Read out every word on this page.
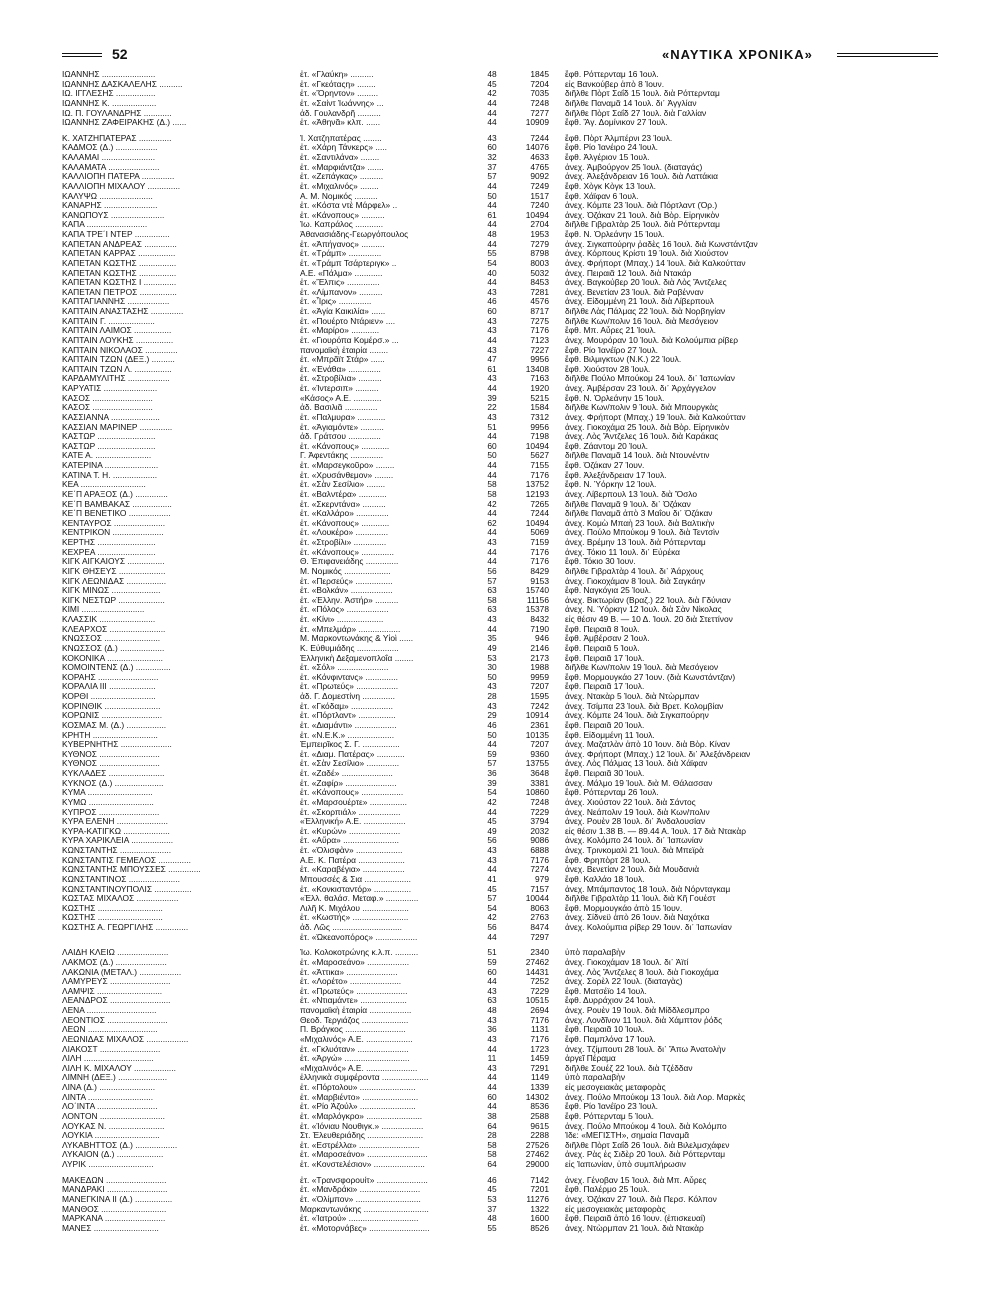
52	«ΝΑΥΤΙΚΑ ΧΡΟΝΙΚΑ»
ΙΩΑΝΝΗΣ .......................	ἐτ. «Γλαύκη» ..........	48	1845	ἔφθ. Ρόττερνταμ 16 Ἰουλ.
ΙΩΑΝΝΗΣ ΔΑΣΚΑΛΕΛΗΣ ..........	ἐτ. «Γκεόταςη» ........	45	7204	εἰς Βανκούβερ ἀπὸ 8 Ἰουν.
ΙΩ. ΙΓΓΛΕΣΗΣ .................	ἐτ. «Ὄρηντον» .........	42	7035	διῆλθε Πὸρτ Σαΐδ 15 Ἰουλ. διὰ Ρόττερνταμ
ΙΩΑΝΝΗΣ Κ. ...................	ἐτ. «Σαίντ Ἰωάννης» ...	44	7248	διῆλθε Παναμᾶ 14 Ἰουλ. δι᾽ Ἀγγλίαν
ΙΩ. Π. ΓΟΥΛΑΝΔΡΗΣ ............	ἀδ. Γουλανδρῆ ..........	44	7277	διῆλθε Πὸρτ Σαΐδ 27 Ἰουλ. διὰ Γαλλίαν
ΙΩΑΝΝΗΣ ΖΑΦΕΙΡΑΚΗΣ (Δ.) ......	ἐτ. «Ἀθηνᾶ» κλπ. ......	44	10909	ἔφθ. Ἅγ. Δομίνικον 27 Ἰουλ.
Κ. ΧΑΤΖΗΠΑΤΕΡΑΣ ..............	Ἰ. Χατζηπατέρας ........	43	7244	ἔφθ. Πὸρτ Ἀλμπέρνι 23 Ἰουλ.
ΚΑΔΜΟΣ (Δ.) ..................	ἐτ. «Χάρη Τάνκερς» .....	60	14076	ἔφθ. Ρίο Ἰανέιρο 24 Ἰουλ.
ΚΑΛΑΜΑΙ .......................	ἐτ. «Σαντιλάνα» ........	32	4633	ἔφθ. Ἀλγέριον 15 Ἰουλ.
ΚΑΛΑΜΑΤΑ ......................	ἐτ. «Μαρφιάντζα» .......	37	4765	ἀνεχ. Ἀμβούργον 25 Ἰουλ. (διαταγάς)
ΚΑΛΛΙΟΠΗ ΠΑΤΕΡΑ ..............	ἐτ. «Ζεπάγκας» ..........	57	9092	ἀνεχ. Ἀλεξάνδρειαν 16 Ἰουλ. διὰ Λαττάκια
ΚΑΛΛΙΟΠΗ ΜΙΧΑΛΟΥ ..............	ἐτ. «Μιχαλινός» ........	44	7249	ἔφθ. Χὸγκ Κὸγκ 13 Ἰουλ.
ΚΑΛΥΨΩ .......................	Α. Μ. Νομικός ..........	50	1517	ἔφθ. Χάϊφαν 6 Ἰουλ.
ΚΑΝΑΡΗΣ .......................	ἐτ. «Κόστα ντὲ Μάρφελ» ..	44	7240	ἀνεχ. Κόμπε 23 Ἰουλ. διὰ Πόρτλαντ (Ὀρ.)
ΚΑΝΩΠΟΥΣ .......................	ἐτ. «Κάνοπους» ..........	61	10494	ἀνεχ. Ὀζάκαν 21 Ἰουλ. διὰ Βὸρ. Εἰρηνικὸν
ΚΑΠΑ ..........................	Ἰω. Καπράλος ............	44	2704	διῆλθε Γιβραλτὰρ 25 Ἰουλ. διὰ Ρόττερνταμ
ΚΑΠΑ ΤΡΕ΄Ι ΝΤΕΡ ...............	Ἀθανασιάδης-Γεωργόπουλος	48	1953	ἔφθ. Ν. Ὀρλεάνην 15 Ἰουλ.
ΚΑΠΕΤΑΝ ΑΝΔΡΕΑΣ ..............	ἐτ. «Ἀπήγανος» ..........	44	7279	ἀνεχ. Σιγκαπούρην ῥαδὲς 16 Ἰουλ. διὰ Κωνστάντζαν
ΚΑΠΕΤΑΝ ΚΑΡΡΑΣ ................	ἐτ. «Τράμπ» ..............	55	8798	ἀνεχ. Κόρπους Κρίστι 19 Ἰουλ. διὰ Χιούστον
ΚΑΠΕΤΑΝ ΚΩΣΤΗΣ ................	ἐτ. «Τράμπ Τσάρτεριγκ» ..	54	8003	ἀνεχ. Φρήπορτ (Μπαχ.) 14 Ἰουλ. διὰ Καλκούτταν
ΚΑΠΕΤΑΝ ΚΩΣΤΗΣ ................	Α.Ε. «Πάλμα» ............	40	5032	ἀνεχ. Πειραιᾶ 12 Ἰουλ. διὰ Ντακάρ
ΚΑΠΕΤΑΝ ΚΩΣΤΗΣ Ι ..............	ἐτ. «Ἔλπις» ..............	44	8453	ἀνεχ. Βαγκούβερ 20 Ἰουλ. διὰ Λὸς Ἄντζελες
ΚΑΠΕΤΑΝ ΠΕΤΡΟΣ ................	ἐτ. «Λίμπανον» ..........	43	7281	ἀνεχ. Βενετίαν 23 Ἰουλ. διὰ Ραβένναν
ΚΑΠΤΑΓΙΑΝΝΗΣ ..................	ἐτ. «Ἶρις» ..............	46	4576	ἀνεχ. Εἰδομμένη 21 Ἰουλ. διὰ Λίβερπουλ
ΚΑΠΤΑΙΝ ΑΝΑΣΤΑΣΗΣ ..............	ἐτ. «Ἁγία Καικιλία» ......	60	8717	διῆλθε Λὰς Πάλμας 22 Ἰουλ. διὰ Νορβηγίαν
ΚΑΠΤΑΙΝ Γ. ....................	ἐτ. «Πουέρτο Ντάριεν» ....	43	7275	διῆλθε Κων/πολιν 16 Ἰουλ. διὰ Μεσόγειον
ΚΑΠΤΑΙΝ ΛΑΙΜΟΣ ................	ἐτ. «Μαρίρο» ............	43	7176	ἔφθ. Μπ. Αὖρες 21 Ἰουλ.
ΚΑΠΤΑΙΝ ΛΟΥΚΗΣ ................	ἐτ. «Γιουρόπα Κομέρσ.» ...	44	7123	ἀνεχ. Μουρόραν 10 Ἰουλ. διὰ Κολούμπια ρίβερ
ΚΑΠΤΑΙΝ ΝΙΚΟΛΑΟΣ ..............	πανομαϊκὴ ἑταιρία ........	43	7227	ἔφθ. Ρίο Ἰανέϊρο 27 Ἰουλ.
ΚΑΠΤΑΙΝ ΤΖΩΝ (ΔΕΞ.) ..........	ἐτ. «Μπρᾶϊτ Στάρ» ......	47	9956	ἔφθ. Βιλμιγκτων (Ν.Κ.) 22 Ἰουλ.
ΚΑΠΤΑΙΝ ΤΖΩΝ Λ. ................	ἐτ. «Ἐνάθα» ..............	61	13408	ἔφθ. Χιούστον 28 Ἰουλ.
ΚΑΡΔΑΜΥΛΙΤΗΣ ..................	ἐτ. «Στροβίλια» ..........	43	7163	διῆλθε Πούλο Μπούκομ 24 Ἰουλ. δι᾽ Ἰαπωνίαν
ΚΑΡΥΑΤΙΣ .......................	ἐτ. «Ἰντερσιπ» ..........	44	1920	ἀνεχ. Ἀμβέρσαν 23 Ἰουλ. δι᾽ Ἀρχάγγελον
ΚΑΣΟΣ ..........................	«Κάσος» Α.Ε. ............	39	5215	ἔφθ. Ν. Ὀρλεάνην 15 Ἰουλ.
ΚΑΣΟΣ ..........................	ἀδ. Βασιλιᾶ ..............	22	1584	διῆλθε Κων/πολιν 9 Ἰουλ. διὰ Μπουργκὰς
ΚΑΣΣΙΑΝΝΑ .....................	ἐτ. «Παλμυρα» ............	43	7312	ἀνεχ. Φρήπορτ (Μπαχ.) 19 Ἰουλ. διὰ Καλκούτταν
ΚΑΣΣΙΑΝ ΜΑΡΙΝΕΡ ..............	ἐτ. «Ἀγιαμόντε» ..........	51	9956	ἀνεχ. Γιοκοχάμα 25 Ἰουλ. διὰ Βὸρ. Εἰρηνικὸν
ΚΑΣΤΩΡ .........................	ἀδ. Γράτσου ..............	44	7198	ἀνεχ. Λὸς Ἄντζελες 16 Ἰουλ. διὰ Καράκας
ΚΑΣΤΩΡ .........................	ἐτ. «Κάνοπους» ............	60	10494	ἔφθ. Ζάαντομ 20 Ἰουλ.
ΚΑΤΕ Α. ........................	Γ. Ἀφεντάκης ..............	50	5627	διῆλθε Παναμᾶ 14 Ἰουλ. διὰ Ντουνέντιν
ΚΑΤΕΡΙΝΑ .......................	ἐτ. «Μαρσεγκοῦρο» ........	44	7155	ἔφθ. Ὀζάκαν 27 Ἰουν.
ΚΑΤΙΝΑ Τ. Η. ...................	ἐτ. «Χρυσάνθεμον» ........	44	7176	ἔφθ. Ἀλεξάνδρειαν 17 Ἰουλ.
ΚΕΑ ............................	ἐτ. «Σὰν Σεσίλιο» ........	58	13752	ἔφθ. Ν. Ὑόρκην 12 Ἰουλ.
ΚΕ΄Π ΑΡΑΞΟΣ (Δ.) ..............	ἐτ. «Βαλντέρα» ............	58	12193	ἀνεχ. Λίβερπουλ 13 Ἰουλ. διὰ Ὄσλο
ΚΕ΄Π ΒΑΜΒΑΚΑΣ .................	ἐτ. «Σκερντάνα» ..........	42	7265	διῆλθε Παναμᾶ 9 Ἰουλ. δι᾽ Ὀζάκαν
ΚΕ΄Π ΒΕΝΕΤΙΚΟ ..................	ἐτ. «Καλλάρο» ..............	44	7244	διῆλθε Παναμᾶ ἀπὸ 3 Μαΐου δι᾽ Ὀζάκαν
ΚΕΝΤΑΥΡΟΣ ......................	ἐτ. «Κάνοπους» ............	62	10494	ἀνεχ. Κομὼ Μπαὴ 23 Ἰουλ. διὰ Βαλτικὴν
ΚΕΝΤΡΙΚΟΝ ......................	ἐτ. «Λουκέρο» ..............	44	5069	ἀνεχ. Πούλο Μπούκομ 9 Ἰουλ. διὰ Τεντσὶν
ΚΕΡΤΗΣ .........................	ἐτ. «Στροβίλι» ..............	43	7159	ἀνεχ. Βρέμην 13 Ἰουλ. διὰ Ρόττερνταμ
ΚΕΧΡΕΑ .........................	ἐτ. «Κάνοπους» ..............	44	7176	ἀνεχ. Τόκιο 11 Ἰουλ. δι᾽ Εὐρέκα
ΚΙΓΚ ΑΙΓΚΑΙΟΥΣ ................	Θ. Ἐπιφανειάδης ..............	44	7176	ἔφθ. Τόκιο 30 Ἰουν.
ΚΙΓΚ ΘΗΣΕΥΣ ....................	Μ. Νομικός ....................	56	8429	διῆλθε Γιβραλτὰρ 4 Ἰουλ. δι᾽ Ἀάρχους
ΚΙΓΚ ΛΕΩΝΙΔΑΣ .................	ἐτ. «Περσεύς» ................	57	9153	ἀνεχ. Γιοκοχάμαν 8 Ἰουλ. διὰ Σαγκάην
ΚΙΓΚ ΜΙΝΩΣ .....................	ἐτ. «Βολκάν» ..................	63	15740	ἔφθ. Ναγκόγια 25 Ἰουλ.
ΚΙΓΚ ΝΕΣΤΩΡ ....................	ἐτ. «Ἑλλην. Ἀστήρ» ..........	58	11156	ἀνεχ. Βικτωρίαν (Βραζ.) 22 Ἰουλ. διὰ Γδύνιαν
ΚΙΜΙ ...........................	ἐτ. «Πόλος» ..................	63	15378	ἀνεχ. Ν. Ὑόρκην 12 Ἰουλ. διὰ Σὰν Νίκολας
ΚΛΑΣΣΙΚ ........................	ἐτ. «Κίνι» ....................	43	8432	εἰς θέσιν 49 Β. — 10 Δ. Ἰουλ. 20 διὰ Στεττίνον
ΚΛΕΑΡΧΟΣ ........................	ἐτ. «Μπελμάρ» ..................	44	7190	ἔφθ. Πειραιᾶ 8 Ἰουλ.
ΚΝΩΣΣΟΣ ........................	Μ. Μαρκοντωνάκης & Υἱοὶ ......	35	946	ἔφθ. Ἀμβέρσαν 2 Ἰουλ.
ΚΝΩΣΣΟΣ (Δ.) ...................	Κ. Εὐθυμιάδης ..................	49	2146	ἔφθ. Πειραιᾶ 5 Ἰουλ.
ΚΟΚΟΝΙΚΑ ........................	Ἑλληνικὴ Δεξαμενοπλοΐα ........	53	2173	ἔφθ. Πειραιᾶ 17 Ἰουλ.
ΚΟΜΟΙΝΤΕΝΣ (Δ.) ...............	ἐτ. «Σόλ» ......................	30	1988	διῆλθε Κων/πολιν 19 Ἰουλ. διὰ Μεσόγειον
ΚΟΡΑΗΣ ..........................	ἐτ. «Κόνφιντανς» ..............	50	9959	ἔφθ. Μορμουγκάο 27 Ἰουν. (διὰ Κωνστάντζαν)
ΚΟΡΑΛΙΑ ΙΙΙ ....................	ἐτ. «Πρωτεύς» ..................	43	7207	ἔφθ. Πειραιᾶ 17 Ἰουλ.
ΚΟΡΘΙ ............................	ἀδ. Γ. Δομεστίνη ..............	28	1595	ἀνεχ. Ντακὰρ 5 Ἰουλ. διὰ Ντὼρμπαν
ΚΟΡΙΝΘΙΚ ........................	ἐτ. «Γκόδαμ» ..................	43	7242	ἀνεχ. Τσίμπα 23 Ἰουλ. διὰ Βρετ. Κολομβίαν
ΚΟΡΩΝΙΣ ..........................	ἐτ. «Πόρτλαντ» ................	29	10914	ἀνεχ. Κόμπε 24 Ἰουλ. διὰ Σιγκαπούρην
ΚΟΣΜΑΣ Μ. (Δ.) .................	ἐτ. «Διαμάντι» ..................	46	2361	ἔφθ. Πειραιᾶ 20 Ἰουλ.
ΚΡΗΤΗ ............................	ἐτ. «Ν.Ε.Κ.» ....................	50	10135	ἔφθ. Εἰδομμένη 11 Ἰουλ.
ΚΥΒΕΡΝΗΤΗΣ ......................	Ἐμπειρῖκος Σ. Γ. ................	44	7207	ἀνεχ. Μαζατλὰν ἀπὸ 10 Ἰουν. διὰ Βὸρ. Κίναν
ΚΥΘΝΟΣ ..........................	ἐτ. «Διαμ. Πατέρας» ............	59	9360	ἀνεχ. Φρήπορτ (Μπαχ.) 12 Ἰουλ. δι᾽ Ἀλεξάνδρειαν
ΚΥΘΝΟΣ ..........................	ἐτ. «Σὰν Σεσίλιο» ..............	57	13755	ἀνεχ. Λὸς Πάλμας 13 Ἰουλ. διὰ Χάϊφαν
ΚΥΚΛΑΔΕΣ ........................	ἐτ. «Ζαδέ» ......................	36	3648	ἔφθ. Πειραιᾶ 30 Ἰουλ.
ΚΥΚΝΟΣ (Δ.) .....................	ἐτ. «Ζαφίρ» ......................	39	3381	ἀνεχ. Μάλμο 19 Ἰουλ. διὰ Μ. Θάλασσαν
ΚΥΜΑ ............................	ἐτ. «Κάνοπους» ..................	54	10860	ἔφθ. Ρόττερνταμ 26 Ἰουλ.
ΚΥΜΩ ............................	ἐτ. «Μαρσουέρτε» ................	42	7248	ἀνεχ. Χιούστον 22 Ἰουλ. διὰ Σάντος
ΚΥΠΡΟΣ ..........................	ἐτ. «Σκορπιάλ» ..................	44	7229	ἀνεχ. Νεάπολιν 19 Ἰουλ. διὰ Κων/πολιν
ΚΥΡΑ ΕΛΕΝΗ ......................	«Ἑλληνική» Α.Ε. ..................	45	3794	ἀνεχ. Ρουὲν 28 Ἰουλ. δι᾽ Ἀνδαλουσίαν
ΚΥΡΑ-ΚΑΤΙΓΚΩ ....................	ἐτ. «Κυρών» ......................	49	2032	εἰς θέσιν 1.38 Β. — 89.44 Α. Ἰουλ. 17 διὰ Ντακὰρ
ΚΥΡΑ ΧΑΡΙΚΛΕΙΑ ..................	ἐτ. «Αὔρα» ........................	56	9086	ἀνεχ. Κολόμπο 24 Ἰουλ. δι᾽ Ἰαπωνίαν
ΚΩΝΣΤΑΝΤΗΣ ......................	ἐτ. «Ὀλισφὰν» ....................	43	6888	ἀνεχ. Τρινκομαλὶ 21 Ἰουλ. διὰ Μπεϊρὰ
ΚΩΝΣΤΑΝΤΙΣ ΓΕΜΕΛΟΣ ..............	Α.Ε. Κ. Πατέρα ....................	43	7176	ἔφθ. Φρηπὸρτ 28 Ἰουλ.
ΚΩΝΣΤΑΝΤΗΣ ΜΠΟΥΣΣΕΣ ..............	ἐτ. «Καραβέγια» ..................	44	7274	ἀνεχ. Βενετίαν 2 Ἰουλ. διὰ Μουδανιὰ
ΚΩΝΣΤΑΝΤΙΝΟΣ ......................	Μπουσσές & Σια ....................	41	979	ἔφθ. Καλλάο 18 Ἰουλ.
ΚΩΝΣΤΑΝΤΙΝΟΥΠΟΛΙΣ ................	ἐτ. «Κονκισταντόρ» ................	45	7157	ἀνεχ. Μπάμπαντος 18 Ἰουλ. διὰ Νόρνταγκαμ
ΚΩΣΤΑΣ ΜΙΧΑΛΟΣ ..................	«Ἑλλ. θαλάσ. Μεταφ.» ..............	57	10044	διῆλθε Γιβραλτὰρ 11 Ἰουλ. διὰ Κῆ Γουέστ
ΚΩΣΤΗΣ ............................	Λιλῆ Κ. Μιχάλου ....................	54	8063	ἔφθ. Μορμουγκάο ἀπὸ 15 Ἰουν.
ΚΩΣΤΗΣ ............................	ἐτ. «Κωστής» ........................	42	2763	ἀνεχ. Σίδνεϋ ἀπὸ 26 Ἰουν. διὰ Ναχότκα
ΚΩΣΤΗΣ Α. ΓΕΩΡΓΙΛΗΣ ..............	ἀδ. Λῶς ..............................	56	8474	ἀνεχ. Κολούμπια ρίβερ 29 Ἰουν. δι᾽ Ἰαπωνίαν
ἐτ. «Ὠκεανοπόρος» ..................	44	7297
ΛΑΙΔΗ ΚΛΕΙΩ ......................	Ἰω. Κολοκοτρώνης κ.λ.π. ..........	51	2340	ὑπὸ παραλαβὴν
ΛΑΚΜΟΣ (Δ.) ......................	ἐτ. «Μαροσεάνο» ..................	59	27462	ἀνεχ. Γιοκοχάμαν 18 Ἰουλ. δι᾽ Ἀϊτί
ΛΑΚΩΝΙΑ (ΜΕΤΑΛ.) ..................	ἐτ. «Ἀττικα» ......................	60	14431	ἀνεχ. Λὸς Ἄντζελες 8 Ἰουλ. διὰ Γιοκοχάμα
ΛΑΜΥΡΕΥΣ ..........................	ἐτ. «Λορέτο» ......................	44	7252	ἀνεχ. Σορὲλ 22 Ἰουλ. (διαταγὰς)
ΛΑΜΨΙΣ ............................	ἐτ. «Πρωτεύς» ......................	43	7229	ἔφθ. Ματσέϊο 14 Ἰουλ.
ΛΕΑΝΔΡΟΣ ..........................	ἐτ. «Ντιαμάντε» ....................	63	10515	ἔφθ. Δυρράχιον 24 Ἰουλ.
ΛΕΝΑ ..............................	πανομαϊκὴ ἑταιρία ..................	48	2694	ἀνεχ. Ρουὲν 19 Ἰουλ. διὰ Μίδδλεσμπρο
ΛΕΟΝΤΙΟΣ ..........................	Θεοδ. Τεργιάζος ....................	43	7176	ἀνεχ. Λονδῖνον 11 Ἰουλ. διὰ Χάμπτον ῥόδς
ΛΕΩΝ ..............................	Π. Βράγκος ..........................	36	1131	ἔφθ. Πειραιᾶ 10 Ἰουλ.
ΛΕΩΝΙΔΑΣ ΜΙΧΑΛΟΣ ..................	«Μιχαλινός» Α.Ε. ....................	43	7176	ἔφθ. Παμπλόνα 17 Ἰουλ.
ΛΙΑΚΟΣΤ ..........................	ἐτ. «Γκλυόταν» ......................	44	1723	ἀνεχ. Τζίμπουτι 28 Ἰουλ. δι᾽ Ἄπω Ἀνατολὴν
ΛΙΛΗ ..............................	ἐτ. «Ἀργώ» ............................	11	1459	ἀργεῖ Πέραμα
ΛΙΛΗ Κ. ΜΙΧΑΛΟΥ ..................	«Μιχαλινός» Α.Ε. ......................	43	7291	διῆλθε Σουέζ 22 Ἰουλ. διὰ Τζέδδαν
ΛΙΜΝΗ (ΔΕΞ.) .....................	ἑλληνικὰ συμφέροντα ....................	44	1149	ὑπὸ παραλαβὴν
ΛΙΝΑ (Δ.) ........................	ἐτ. «Πόρτολου» ........................	44	1339	εἰς μεσογειακὰς μεταφορὰς
ΛΙΝΤΑ ............................	ἐτ. «Μαρβιέντο» ........................	60	14302	ἀνεχ. Πούλο Μπούκομ 13 Ἰουλ. διὰ Λορ. Μαρκὲς
ΛΟ΄ΙΝΤΑ ..........................	ἐτ. «Ρίο Ἀζούλ» ........................	44	8536	ἔφθ. Ρίο Ἰανέϊρο 23 Ἰουλ.
ΛΟΝΤΟΝ ............................	ἐτ. «Μαρλόγκρο» ........................	38	2588	ἔφθ. Ρόττερνταμ 5 Ἰουλ.
ΛΟΥΚΑΣ Ν. ........................	ἐτ. «Ἰόνιαυ Νουθιγκ.» ..................	64	9615	ἀνεχ. Πούλο Μπούκομ 4 Ἰουλ. διὰ Κολόμπο
ΛΟΥΚΙΑ ............................	Στ. Ἐλευθεριάδης ........................	28	2288	Ἰδε: «ΜΕΓΙΣΤΗ», σημαία Παναμᾶ
ΛΥΚΑΒΗΤΤΟΣ (Δ.) ..................	ἐτ. «Εστρέλλα» ..........................	58	27526	διῆλθε Πὸρτ Σαΐδ 26 Ἰουλ. διὰ Βιλελμσχάφεν
ΛΥΚΑΙΟΝ (Δ.) ....................	ἐτ. «Μαροσεάνο» ..........................	58	27462	ἀνεχ. Ρὰς ἐς Σιδὲρ 20 Ἰουλ. διὰ Ρόττερνταμ
ΛΥΡΙΚ ............................	ἐτ. «Κονστελέσιον» ......................	64	29000	εἰς Ἰαπωνίαν, ὑπὸ συμπλήρωσιν
ΜΑΚΕΔΩΝ ..........................	ἐτ. «Τρανσφορουίτ» ......................	46	7142	ἀνεχ. Γένοβαν 15 Ἰουλ. διὰ Μπ. Αὖρες
ΜΑΝΔΡΑΚΙ ..........................	ἐτ. «Μανδράκι» ..........................	45	7201	ἔφθ. Παλέρμο 25 Ἰουλ.
ΜΑΝΕΓΚΙΝΑ ΙΙ (Δ.) ................	ἐτ. «Ὀλίμπον» ............................	53	11276	ἀνεχ. Ὀζάκαν 27 Ἰουλ. διὰ Περσ. Κόλπον
ΜΑΝΘΟΣ ............................	Μαρκαντωνάκης ............................	37	1322	εἰς μεσογειακὰς μεταφορὰς
ΜΑΡΚΑΝΑ ..........................	ἐτ. «Ἰατρού» ..............................	48	1600	ἔφθ. Πειραιᾶ ἀπὸ 16 Ἰουν. (ἐπισκευαί)
ΜΑΝΕΣ ............................	ἐτ. «Μοτορνάβες» ..........................	55	8526	ἀνεχ. Ντὼρμπαν 21 Ἰουλ. διὰ Ντακὰρ
